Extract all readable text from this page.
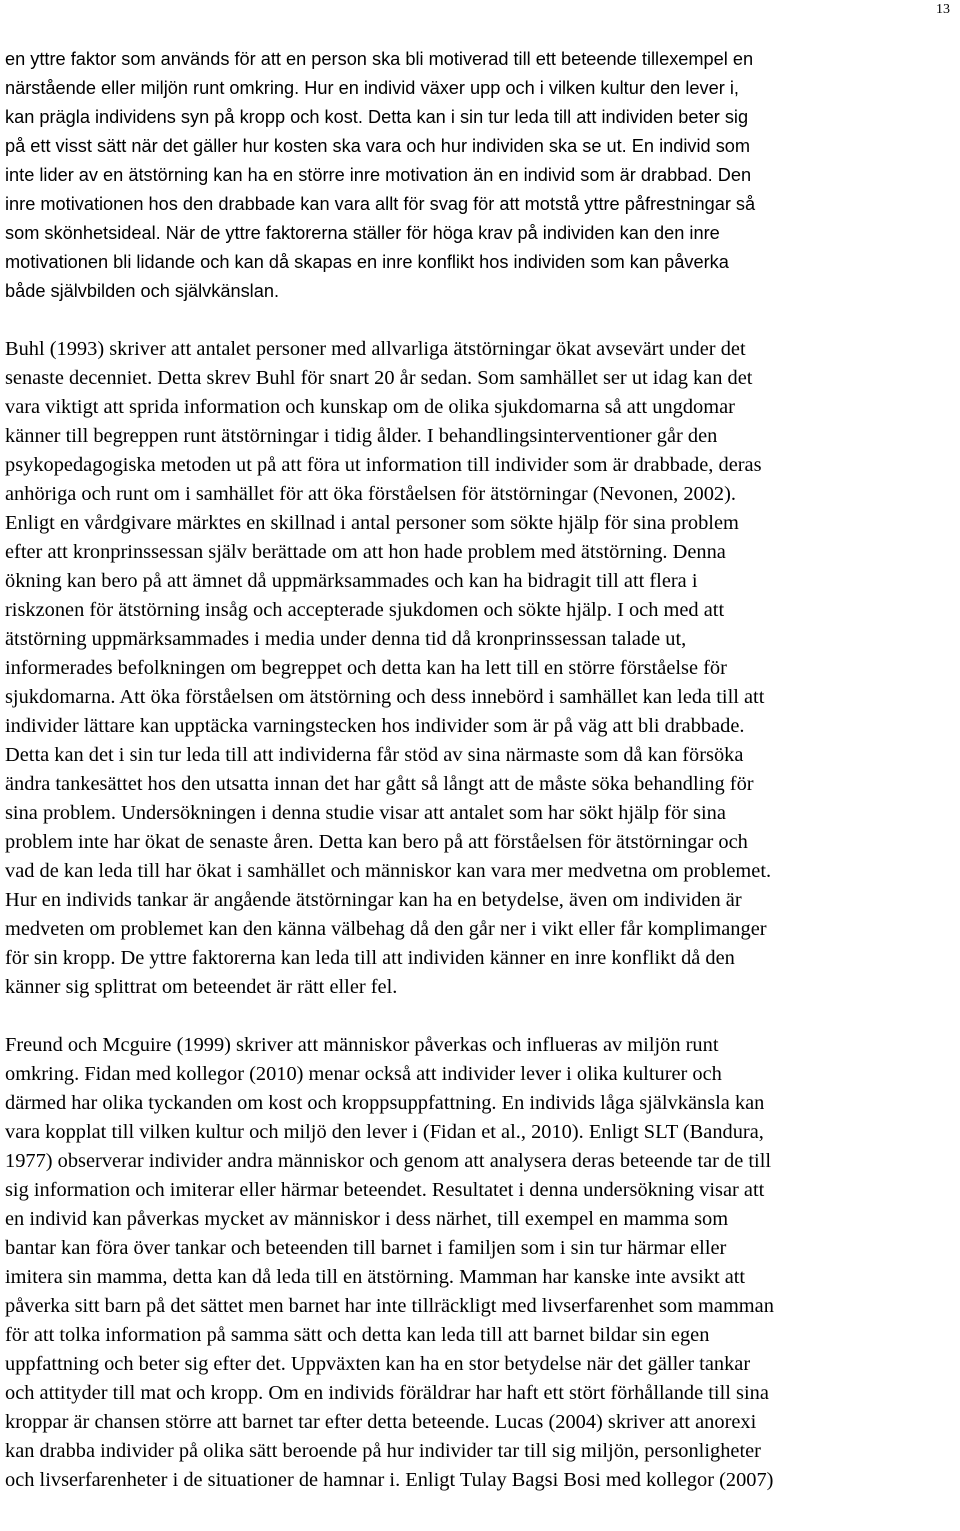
13

en yttre faktor som används för att en person ska bli motiverad till ett beteende tillexempel en
närstående eller miljön runt omkring. Hur en individ växer upp och i vilken kultur den lever i,
kan prägla individens syn på kropp och kost. Detta kan i sin tur leda till att individen beter sig
på ett visst sätt när det gäller hur kosten ska vara och hur individen ska se ut. En individ som
inte lider av en ätstörning kan ha en större inre motivation än en individ som är drabbad. Den
inre motivationen hos den drabbade kan vara allt för svag för att motstå yttre påfrestningar så
som skönhetsideal. När de yttre faktorerna ställer för höga krav på individen kan den inre
motivationen bli lidande och kan då skapas en inre konflikt hos individen som kan påverka
både självbilden och självkänslan.

Buhl (1993) skriver att antalet personer med allvarliga ätstörningar ökat avsevärt under det
senaste decenniet. Detta skrev Buhl för snart 20 år sedan. Som samhället ser ut idag kan det
vara viktigt att sprida information och kunskap om de olika sjukdomarna så att ungdomar
känner till begreppen runt ätstörningar i tidig ålder. I behandlingsinterventioner går den
psykopedagogiska metoden ut på att föra ut information till individer som är drabbade, deras
anhöriga och runt om i samhället för att öka förståelsen för ätstörningar (Nevonen, 2002).
Enligt en vårdgivare märktes en skillnad i antal personer som sökte hjälp för sina problem
efter att kronprinssessan själv berättade om att hon hade problem med ätstörning. Denna
ökning kan bero på att ämnet då uppmärksammades och kan ha bidragit till att flera i
riskzonen för ätstörning insåg och accepterade sjukdomen och sökte hjälp. I och med att
ätstörning uppmärksammades i media under denna tid då kronprinssessan talade ut,
informerades befolkningen om begreppet och detta kan ha lett till en större förståelse för
sjukdomarna. Att öka förståelsen om ätstörning och dess innebörd i samhället kan leda till att
individer lättare kan upptäcka varningstecken hos individer som är på väg att bli drabbade.
Detta kan det i sin tur leda till att individerna får stöd av sina närmaste som då kan försöka
ändra tankesättet hos den utsatta innan det har gått så långt att de måste söka behandling för
sina problem. Undersökningen i denna studie visar att antalet som har sökt hjälp för sina
problem inte har ökat de senaste åren. Detta kan bero på att förståelsen för ätstörningar och
vad de kan leda till har ökat i samhället och människor kan vara mer medvetna om problemet.
Hur en individs tankar är angående ätstörningar kan ha en betydelse, även om individen är
medveten om problemet kan den känna välbehag då den går ner i vikt eller får komplimanger
för sin kropp. De yttre faktorerna kan leda till att individen känner en inre konflikt då den
känner sig splittrat om beteendet är rätt eller fel.

Freund och Mcguire (1999) skriver att människor påverkas och influeras av miljön runt
omkring. Fidan med kollegor (2010) menar också att individer lever i olika kulturer och
därmed har olika tyckanden om kost och kroppsuppfattning. En individs låga självkänsla kan
vara kopplat till vilken kultur och miljö den lever i (Fidan et al., 2010). Enligt SLT (Bandura,
1977) observerar individer andra människor och genom att analysera deras beteende tar de till
sig information och imiterar eller härmar beteendet. Resultatet i denna undersökning visar att
en individ kan påverkas mycket av människor i dess närhet, till exempel en mamma som
bantar kan föra över tankar och beteenden till barnet i familjen som i sin tur härmar eller
imitera sin mamma, detta kan då leda till en ätstörning. Mamman har kanske inte avsikt att
påverka sitt barn på det sättet men barnet har inte tillräckligt med livserfarenhet som mamman
för att tolka information på samma sätt och detta kan leda till att barnet bildar sin egen
uppfattning och beter sig efter det. Uppväxten kan ha en stor betydelse när det gäller tankar
och attityder till mat och kropp. Om en individs föräldrar har haft ett stört förhållande till sina
kroppar är chansen större att barnet tar efter detta beteende. Lucas (2004) skriver att anorexi
kan drabba individer på olika sätt beroende på hur individer tar till sig miljön, personligheter
och livserfarenheter i de situationer de hamnar i. Enligt Tulay Bagsi Bosi med kollegor (2007)
